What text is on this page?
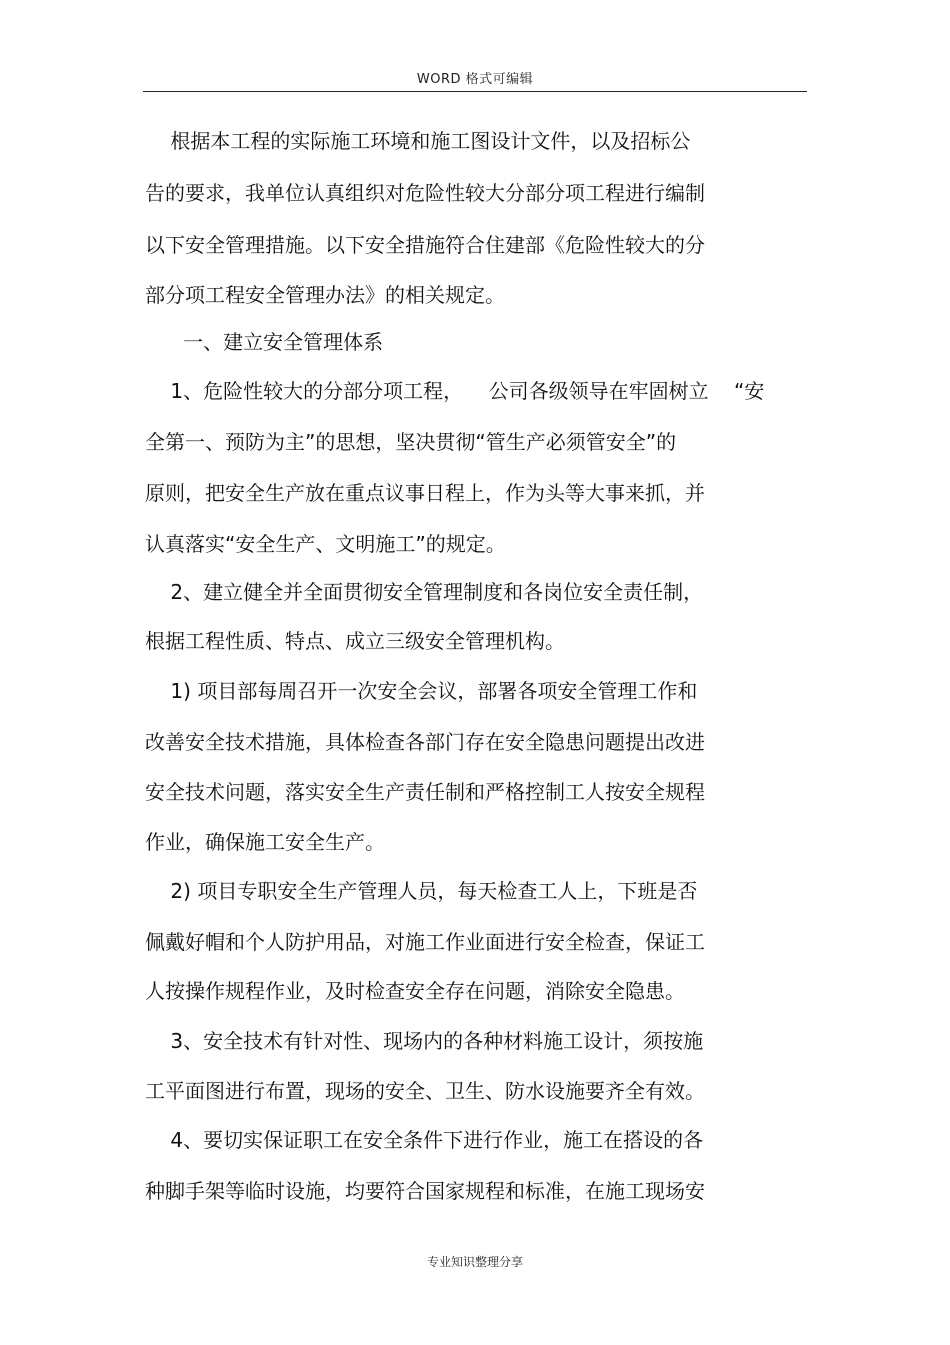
WORD 格式可编辑
根据本工程的实际施工环境和施工图设计文件，以及招标公
告的要求，我单位认真组织对危险性较大分部分项工程进行编制
以下安全管理措施。以下安全措施符合住建部《危险性较大的分
部分项工程安全管理办法》的相关规定。
一、建立安全管理体系
1、危险性较大的分部分项工程，    公司各级领导在牢固树立    “安
全第一、预防为主”的思想，坚决贯彻“管生产必须管安全”的
原则，把安全生产放在重点议事日程上，作为头等大事来抓，并
认真落实“安全生产、文明施工”的规定。
2、建立健全并全面贯彻安全管理制度和各岗位安全责任制，
根据工程性质、特点、成立三级安全管理机构。
1) 项目部每周召开一次安全会议，部署各项安全管理工作和
改善安全技术措施，具体检查各部门存在安全隐患问题提出改进
安全技术问题，落实安全生产责任制和严格控制工人按安全规程
作业，确保施工安全生产。
2) 项目专职安全生产管理人员，每天检查工人上，下班是否
佩戴好帽和个人防护用品，对施工作业面进行安全检查，保证工
人按操作规程作业，及时检查安全存在问题，消除安全隐患。
3、安全技术有针对性、现场内的各种材料施工设计，须按施
工平面图进行布置，现场的安全、卫生、防水设施要齐全有效。
4、要切实保证职工在安全条件下进行作业，施工在搭设的各
种脚手架等临时设施，均要符合国家规程和标准，在施工现场安
专业知识整理分享
